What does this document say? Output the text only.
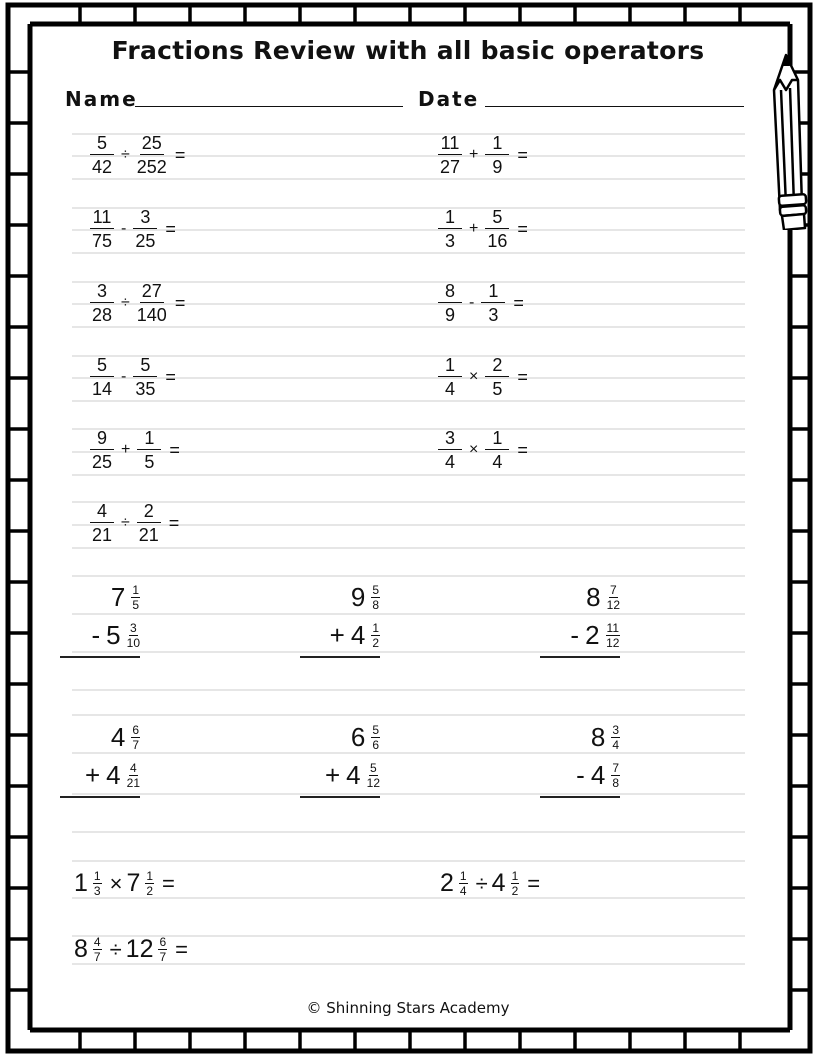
Fractions Review with all basic operators
Name	Date
$\frac{5}{42} \div \frac{25}{252}$ =
$\frac{11}{75} - \frac{3}{25}$ =
$\frac{3}{28} \div \frac{27}{140}$ =
$\frac{5}{14} - \frac{5}{35}$ =
$\frac{9}{25} + \frac{1}{5}$ =
$\frac{4}{21} \div \frac{2}{21}$ =
$\frac{11}{27} + \frac{1}{9}$ =
$\frac{1}{3} + \frac{5}{16}$ =
$\frac{8}{9} - \frac{1}{3}$ =
$\frac{1}{4} \times \frac{2}{5}$ =
$\frac{3}{4} \times \frac{1}{4}$ =
$7 \frac{1}{5}$
- $5 \frac{3}{10}$
$9 \frac{5}{8}$
+ $4 \frac{1}{2}$
$8 \frac{7}{12}$
- $2 \frac{11}{12}$
$4 \frac{6}{7}$
+ $4 \frac{4}{21}$
$6 \frac{5}{6}$
+ $4 \frac{5}{12}$
$8 \frac{3}{4}$
- $4 \frac{7}{8}$
$1 \frac{1}{3} \times 7 \frac{1}{2}$ =	$2 \frac{1}{4} \div 4 \frac{1}{2}$ =
$8 \frac{4}{7} \div 12 \frac{6}{7}$ =
© Shinning Stars Academy
